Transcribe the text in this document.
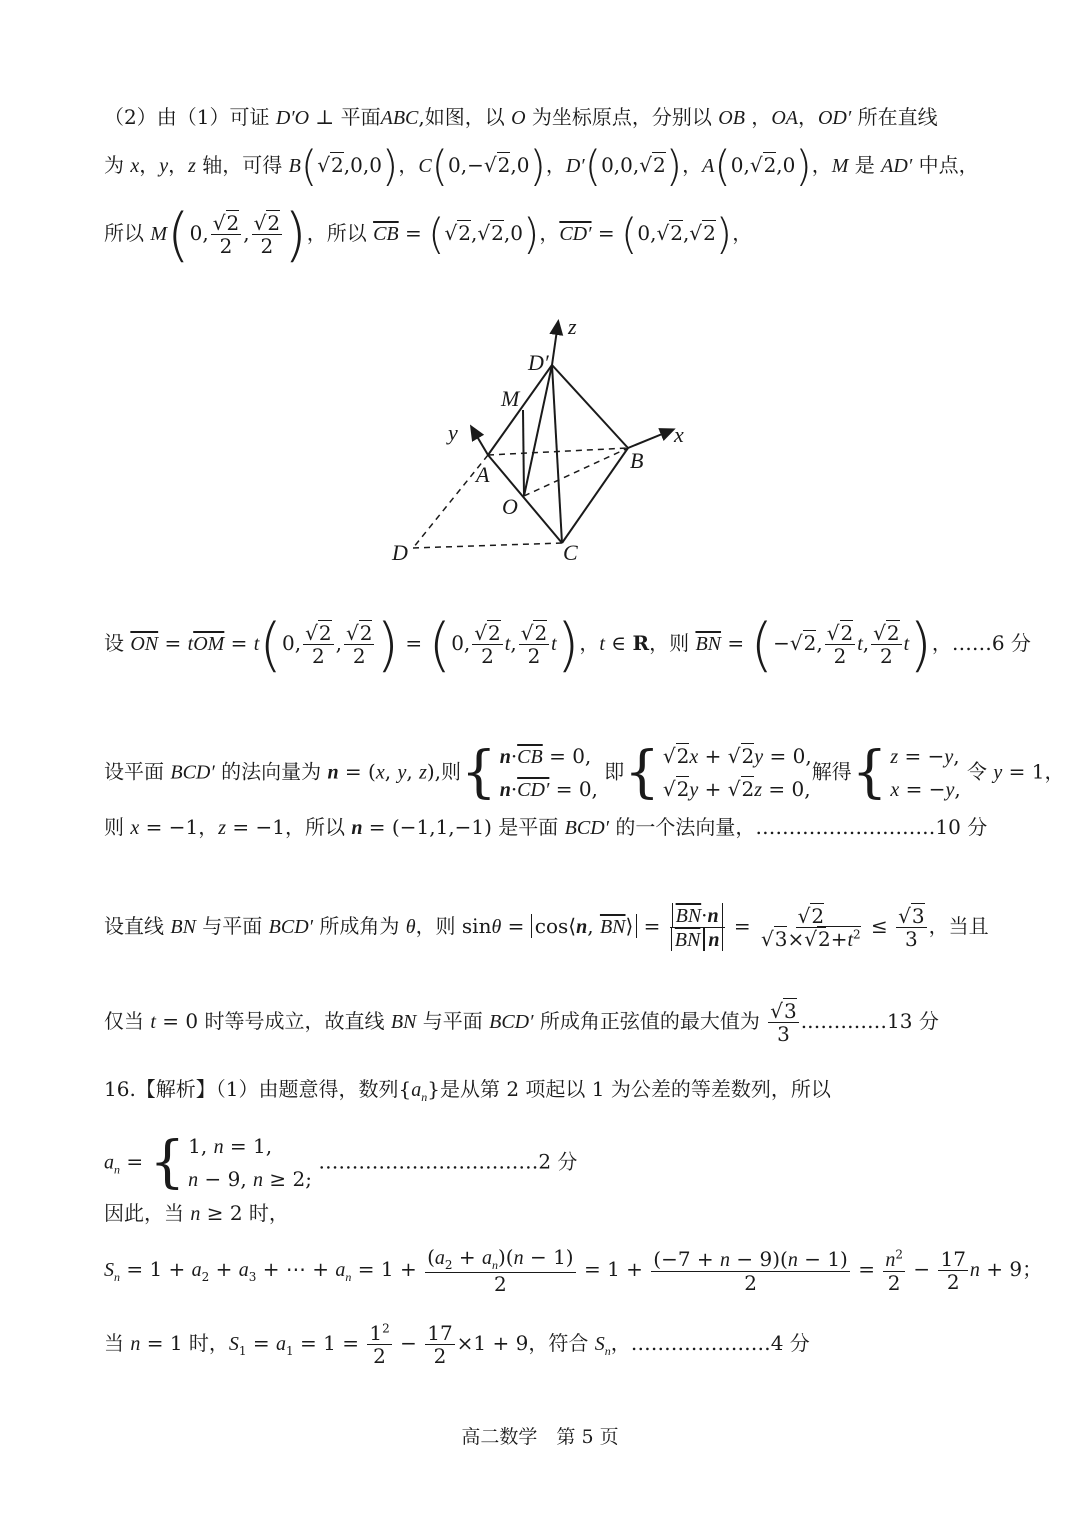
（2）由（1）可证 D′O ⊥ 平面ABC,如图，以 O 为坐标原点，分别以 OB ，OA，OD′ 所在直线
为 x，y，z 轴，可得 B(√2,0,0)，C(0,−√2,0)，D′(0,0,√2)，A(0,√2,0)，M 是 AD′ 中点，
所以 M(0, $\frac{√2}{2}$ , $\frac{√2}{2}$ )，所以 $\overline{CB} = (√2,√2,0)$，CD′ = (0,√2,√2)，
z
D′
M
y	x
A
B
O
D	C
设 $\overline{ON} = t\overline{OM} = t(0$, $\frac{√2}{2}$ , $\frac{√2}{2}$ ) = (0, $\frac{√2}{2} t$, $\frac{√2}{2} t$)，t ∈ R，则 $\overline{BN} = (-√2$, $\frac{√2}{2} t$, $\frac{√2}{2} t$)，……6 分
设平面 BCD′ 的法向量为 n = (x, y, z),则 { $n\cdot\overline{CB} = 0$,
n·CD′ = 0,
即 { √2x + √2y = 0,
√2y + √2z = 0,
解得 { z = −y,
x = −y,
令 y = 1，
则 x = −1，z = −1，所以 n = (−1,1,−1) 是平面 BCD′ 的一个法向量，………………………10 分
设直线 BN 与平面 BCD′ 所成角为 θ，则 sinθ = cos⟨n, $\overline{BN}⟩ = \frac{\overline{BN}\cdot n}{\overline{BN} n} = \frac{√2}{√3\times√2+t^2} \le \frac{√3}{3}$ ，当且
仅当 t = 0 时等号成立，故直线 BN 与平面 BCD′ 所成角正弦值的最大值为 $\frac{√3}{3}$ .…………13 分
16.【解析】（1）由题意得，数列$\{a_n\}$是从第 2 项起以 1 为公差的等差数列，所以
$a_n$ = { 1, n = 1,
n − 9, n ≥ 2;
……………………………2 分
因此，当 n ≥ 2 时，
$S_n = 1 + a_2 + a_3$ + ⋯ + $a_n = 1 + \frac{(a_2 + a_n)(n - 1)}{2} = 1 + \frac{(-7 + n - 9)(n - 1)}{2} = \frac{n^2}{2} - \frac{17}{2}$ n + 9；
当 n = 1 时，$S_1 = a_1 = 1 = \frac{1^2}{2} - \frac{17}{2} \times 1 + 9$，符合 $S_n$，…………………4 分
高二数学　第 5 页
